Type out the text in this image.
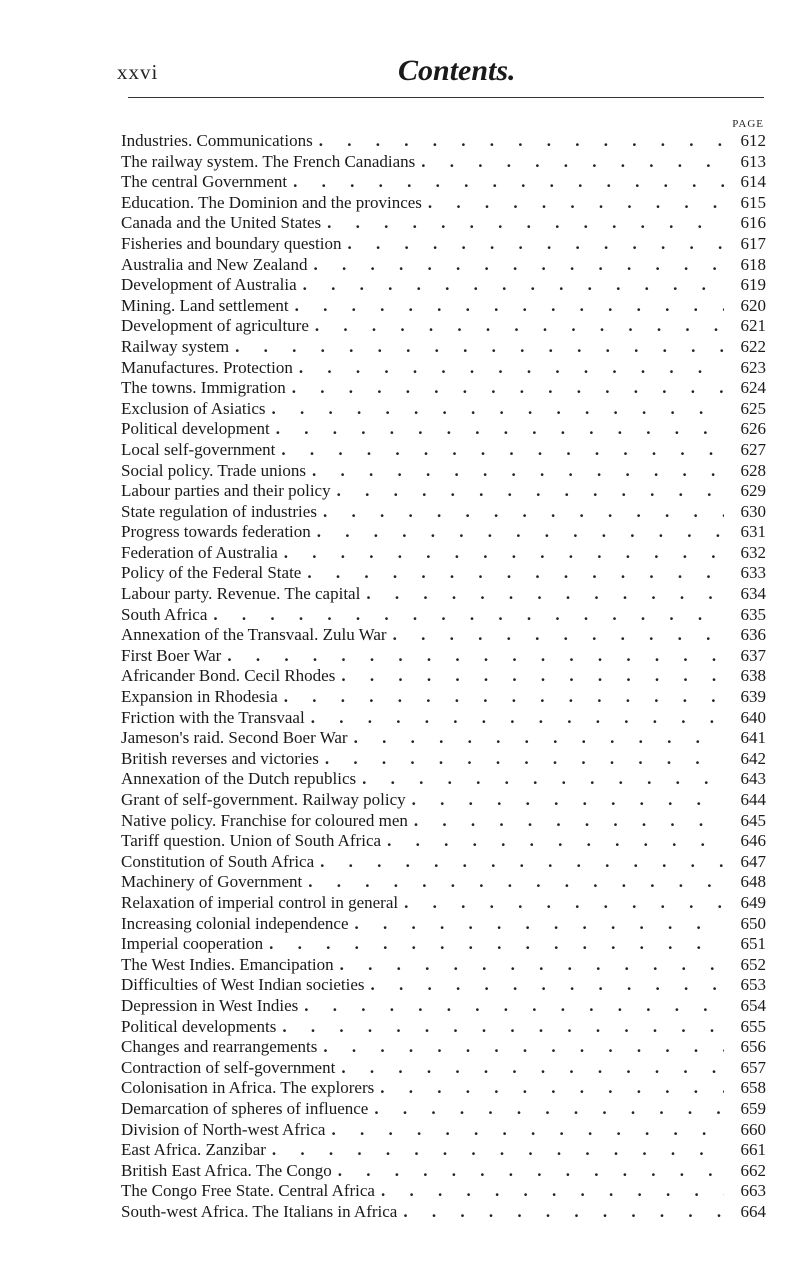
xxvi	Contents.
PAGE
Industries. Communications . . .	612
The railway system. The French Canadians . . .	613
The central Government . . .	614
Education. The Dominion and the provinces . . .	615
Canada and the United States . . .	616
Fisheries and boundary question . . .	617
Australia and New Zealand . . .	618
Development of Australia . . .	619
Mining. Land settlement . . .	620
Development of agriculture . . .	621
Railway system . . .	622
Manufactures. Protection . . .	623
The towns. Immigration . . .	624
Exclusion of Asiatics . . .	625
Political development . . .	626
Local self-government . . .	627
Social policy. Trade unions . . .	628
Labour parties and their policy . . .	629
State regulation of industries . . .	630
Progress towards federation . . .	631
Federation of Australia . . .	632
Policy of the Federal State . . .	633
Labour party. Revenue. The capital . . .	634
South Africa . . .	635
Annexation of the Transvaal. Zulu War . . .	636
First Boer War . . .	637
Africander Bond. Cecil Rhodes . . .	638
Expansion in Rhodesia . . .	639
Friction with the Transvaal . . .	640
Jameson's raid. Second Boer War . . .	641
British reverses and victories . . .	642
Annexation of the Dutch republics . . .	643
Grant of self-government. Railway policy . . .	644
Native policy. Franchise for coloured men . . .	645
Tariff question. Union of South Africa . . .	646
Constitution of South Africa . . .	647
Machinery of Government . . .	648
Relaxation of imperial control in general . . .	649
Increasing colonial independence . . .	650
Imperial cooperation . . .	651
The West Indies. Emancipation . . .	652
Difficulties of West Indian societies . . .	653
Depression in West Indies . . .	654
Political developments . . .	655
Changes and rearrangements . . .	656
Contraction of self-government . . .	657
Colonisation in Africa. The explorers . . .	658
Demarcation of spheres of influence . . .	659
Division of North-west Africa . . .	660
East Africa. Zanzibar . . .	661
British East Africa. The Congo . . .	662
The Congo Free State. Central Africa . . .	663
South-west Africa. The Italians in Africa . . .	664
